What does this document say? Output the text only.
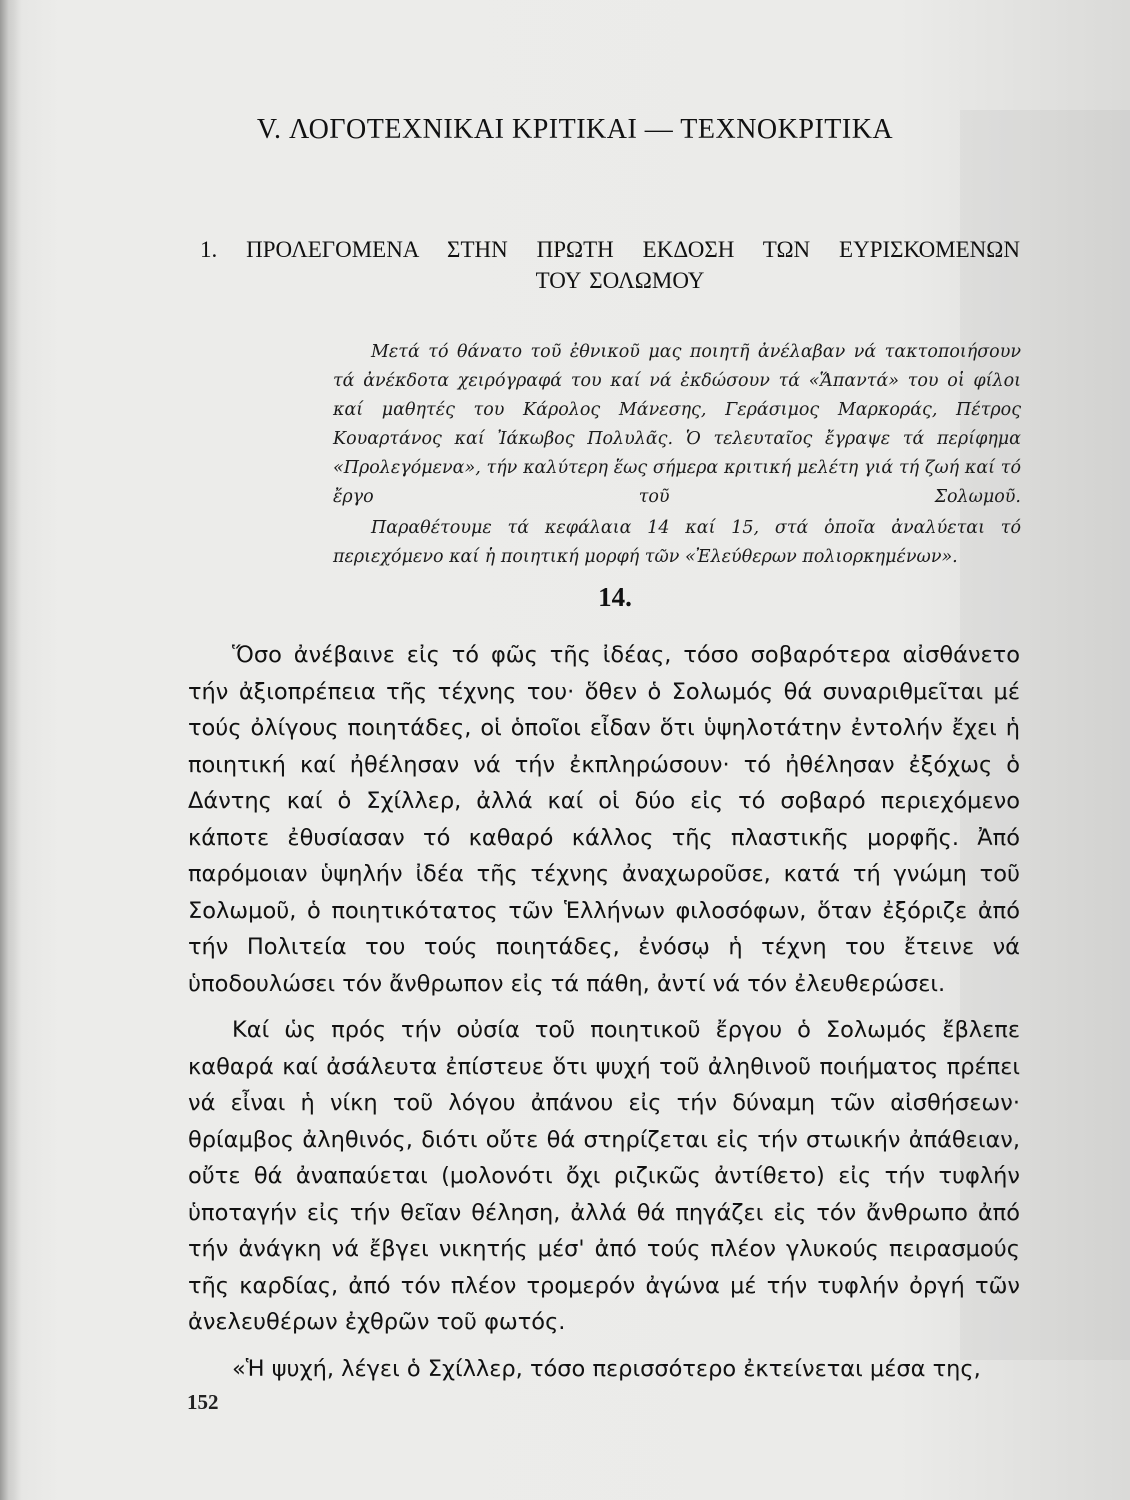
V. ΛΟΓΟΤΕΧΝΙΚΑΙ ΚΡΙΤΙΚΑΙ — ΤΕΧΝΟΚΡΙΤΙΚΑ
1. ΠΡΟΛΕΓΟΜΕΝΑ ΣΤΗΝ ΠΡΩΤΗ ΕΚΔΟΣΗ ΤΩΝ ΕΥΡΙΣΚΟΜΕΝΩΝ
ΤΟΥ ΣΟΛΩΜΟΥ

Μετά τό θάνατο τοῦ ἐθνικοῦ μας ποιητῆ ἀνέλαβαν νά τακτοποιήσουν τά ἀνέκδοτα χειρόγραφά του καί νά ἐκδώσουν τά «Ἅπαντά» του οἱ φίλοι καί μαθητές του Κάρολος Μάνεσης, Γεράσιμος Μαρκοράς, Πέτρος Κουαρτάνος καί Ἰάκωβος Πολυλᾶς. Ὁ τελευταῖος ἔγραψε τά περίφημα «Προλεγόμενα», τήν καλύτερη ἕως σήμερα κριτική μελέτη γιά τή ζωή καί τό ἔργο τοῦ Σολωμοῦ.

Παραθέτουμε τά κεφάλαια 14 καί 15, στά ὁποῖα ἀναλύεται τό περιεχόμενο καί ἡ ποιητική μορφή τῶν «Ἐλεύθερων πολιορκημένων».

14.

Ὅσο ἀνέβαινε εἰς τό φῶς τῆς ἰδέας, τόσο σοβαρότερα αἰσθάνετο τήν ἀξιοπρέπεια τῆς τέχνης του· ὅθεν ὁ Σολωμός θά συναριθμεῖται μέ τούς ὀλίγους ποιητάδες, οἱ ὁποῖοι εἶδαν ὅτι ὑψηλοτάτην ἐντολήν ἔχει ἡ ποιητική καί ἠθέλησαν νά τήν ἐκπληρώσουν· τό ἠθέλησαν ἐξόχως ὁ Δάντης καί ὁ Σχίλλερ, ἀλλά καί οἱ δύο εἰς τό σοβαρό περιεχόμενο κάποτε ἐθυσίασαν τό καθαρό κάλλος τῆς πλαστικῆς μορφῆς. Ἀπό παρόμοιαν ὑψηλήν ἰδέα τῆς τέχνης ἀναχωροῦσε, κατά τή γνώμη τοῦ Σολωμοῦ, ὁ ποιητικότατος τῶν Ἑλλήνων φιλοσόφων, ὅταν ἐξόριζε ἀπό τήν Πολιτεία του τούς ποιητάδες, ἐνόσῳ ἡ τέχνη του ἔτεινε νά ὑποδουλώσει τόν ἄνθρωπον εἰς τά πάθη, ἀντί νά τόν ἐλευθερώσει.

Καί ὡς πρός τήν οὐσία τοῦ ποιητικοῦ ἔργου ὁ Σολωμός ἔβλεπε καθαρά καί ἀσάλευτα ἐπίστευε ὅτι ψυχή τοῦ ἀληθινοῦ ποιήματος πρέπει νά εἶναι ἡ νίκη τοῦ λόγου ἀπάνου εἰς τήν δύναμη τῶν αἰσθήσεων· θρίαμβος ἀληθινός, διότι οὔτε θά στηρίζεται εἰς τήν στωικήν ἀπάθειαν, οὔτε θά ἀναπαύεται (μολονότι ὄχι ριζικῶς ἀντίθετο) εἰς τήν τυφλήν ὑποταγήν εἰς τήν θεῖαν θέληση, ἀλλά θά πηγάζει εἰς τόν ἄνθρωπο ἀπό τήν ἀνάγκη νά ἔβγει νικητής μέσ' ἀπό τούς πλέον γλυκούς πειρασμούς τῆς καρδίας, ἀπό τόν πλέον τρομερόν ἀγώνα μέ τήν τυφλήν ὀργή τῶν ἀνελευθέρων ἐχθρῶν τοῦ φωτός.

«Ἡ ψυχή, λέγει ὁ Σχίλλερ, τόσο περισσότερο ἐκτείνεται μέσα της,

152
